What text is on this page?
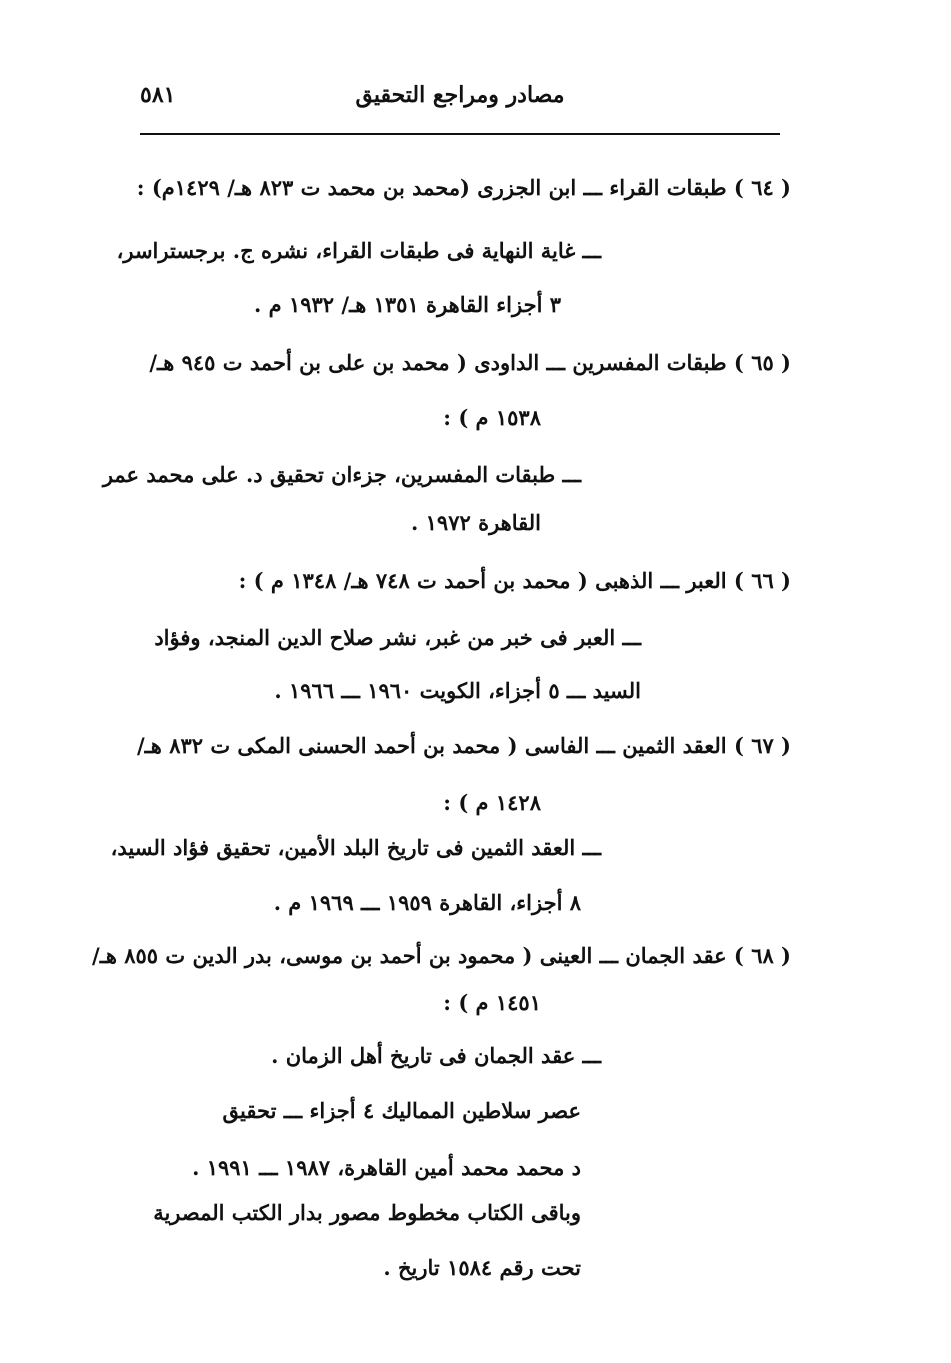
مصادر ومراجع التحقيق
٥٨١
( ٦٤ ) طبقات القراء ـــ ابن الجزرى (محمد بن محمد ت ٨٢٣ هـ/ ١٤٢٩م) :
ـــ غاية النهاية فى طبقات القراء، نشره ج. برجستراسر،
٣ أجزاء القاهرة ١٣٥١ هـ/ ١٩٣٢ م .
( ٦٥ ) طبقات المفسرين ـــ الداودى ( محمد بن على بن أحمد ت ٩٤٥ هـ/
١٥٣٨ م ) :
ـــ طبقات المفسرين، جزءان تحقيق د. على محمد عمر
القاهرة ١٩٧٢ .
( ٦٦ ) العبر ـــ الذهبى ( محمد بن أحمد ت ٧٤٨ هـ/ ١٣٤٨ م ) :
ـــ العبر فى خبر من غبر، نشر صلاح الدين المنجد، وفؤاد
السيد ـــ ٥ أجزاء، الكويت ١٩٦٠ ـــ ١٩٦٦ .
( ٦٧ ) العقد الثمين ـــ الفاسى ( محمد بن أحمد الحسنى المكى ت ٨٣٢ هـ/
١٤٢٨ م ) :
ـــ العقد الثمين فى تاريخ البلد الأمين، تحقيق فؤاد السيد،
٨ أجزاء، القاهرة ١٩٥٩ ـــ ١٩٦٩ م .
( ٦٨ ) عقد الجمان ـــ العينى ( محمود بن أحمد بن موسى، بدر الدين ت ٨٥٥ هـ/
١٤٥١ م ) :
ـــ عقد الجمان فى تاريخ أهل الزمان .
عصر سلاطين المماليك ٤ أجزاء ـــ تحقيق
د محمد محمد أمين القاهرة، ١٩٨٧ ـــ ١٩٩١ .
وباقى الكتاب مخطوط مصور بدار الكتب المصرية
تحت رقم ١٥٨٤ تاريخ .
